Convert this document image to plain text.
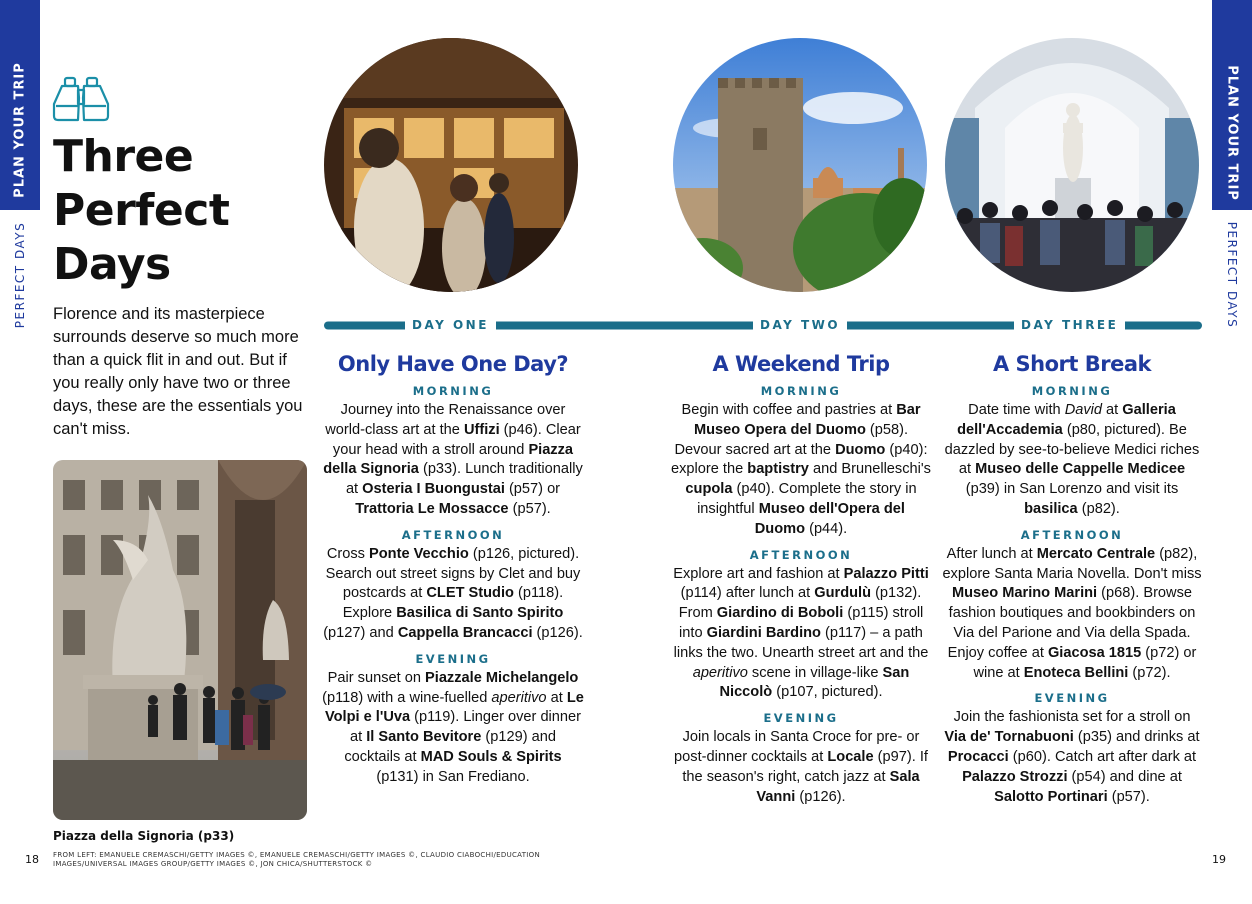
PLAN YOUR TRIP
PERFECT DAYS
PLAN YOUR TRIP
PERFECT DAYS
Three
Perfect
Days
Florence and its masterpiece surrounds deserve so much more than a quick flit in and out. But if you really only have two or three days, these are the essentials you can't miss.
Piazza della Signoria (p33)
18	19
FROM LEFT: EMANUELE CREMASCHI/GETTY IMAGES ©, EMANUELE CREMASCHI/GETTY IMAGES ©, CLAUDIO CIABOCHI/EDUCATION IMAGES/UNIVERSAL IMAGES GROUP/GETTY IMAGES ©, JON CHICA/SHUTTERSTOCK ©
DAY ONE	DAY TWO	DAY THREE
Only Have One Day?
MORNING
Journey into the Renaissance over world-class art at the Uffizi (p46). Clear your head with a stroll around Piazza della Signoria (p33). Lunch traditionally at Osteria I Buongustai (p57) or Trattoria Le Mossacce (p57).
AFTERNOON
Cross Ponte Vecchio (p126, pictured). Search out street signs by Clet and buy postcards at CLET Studio (p118). Explore Basilica di Santo Spirito (p127) and Cappella Brancacci (p126).
EVENING
Pair sunset on Piazzale Michelangelo (p118) with a wine-fuelled aperitivo at Le Volpi e l'Uva (p119). Linger over dinner at Il Santo Bevitore (p129) and cocktails at MAD Souls & Spirits (p131) in San Frediano.
A Weekend Trip
MORNING
Begin with coffee and pastries at Bar Museo Opera del Duomo (p58). Devour sacred art at the Duomo (p40): explore the baptistry and Brunelleschi's cupola (p40). Complete the story in insightful Museo dell'Opera del Duomo (p44).
AFTERNOON
Explore art and fashion at Palazzo Pitti (p114) after lunch at Gurdulù (p132). From Giardino di Boboli (p115) stroll into Giardini Bardino (p117) – a path links the two. Unearth street art and the aperitivo scene in village-like San Niccolò (p107, pictured).
EVENING
Join locals in Santa Croce for pre- or post-dinner cocktails at Locale (p97). If the season's right, catch jazz at Sala Vanni (p126).
A Short Break
MORNING
Date time with David at Galleria dell'Accademia (p80, pictured). Be dazzled by see-to-believe Medici riches at Museo delle Cappelle Medicee (p39) in San Lorenzo and visit its basilica (p82).
AFTERNOON
After lunch at Mercato Centrale (p82), explore Santa Maria Novella. Don't miss Museo Marino Marini (p68). Browse fashion boutiques and bookbinders on Via del Parione and Via della Spada. Enjoy coffee at Giacosa 1815 (p72) or wine at Enoteca Bellini (p72).
EVENING
Join the fashionista set for a stroll on Via de' Tornabuoni (p35) and drinks at Procacci (p60). Catch art after dark at Palazzo Strozzi (p54) and dine at Salotto Portinari (p57).
